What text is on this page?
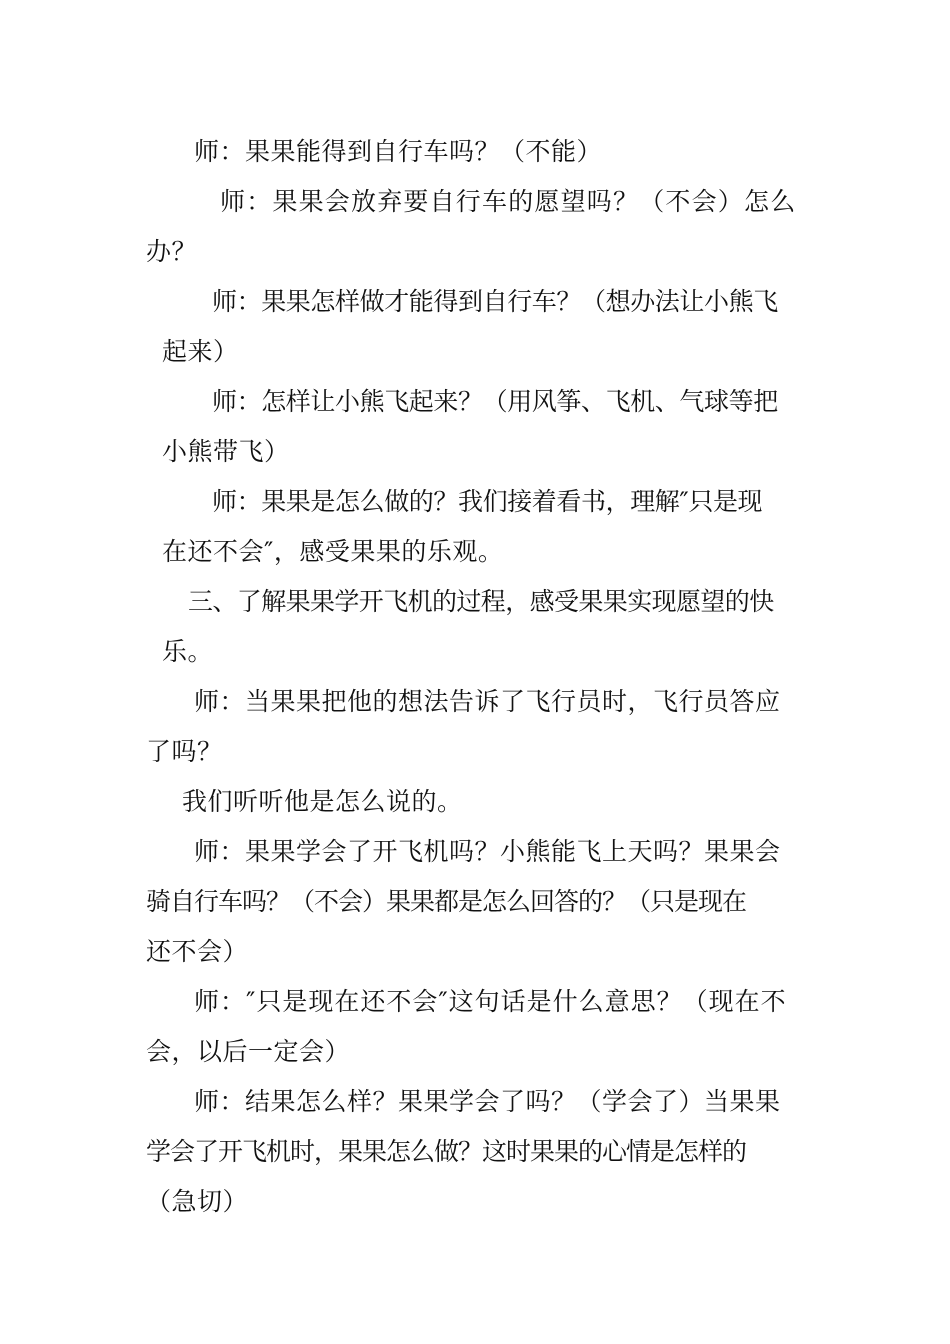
师：果果能得到自行车吗？（不能）
师：果果会放弃要自行车的愿望吗？（不会）怎么
办？
师：果果怎样做才能得到自行车？（想办法让小熊飞
起来）
师：怎样让小熊飞起来？（用风筝、飞机、气球等把
小熊带飞）
师：果果是怎么做的？我们接着看书，理解″只是现
在还不会″，感受果果的乐观。
三、了解果果学开飞机的过程，感受果果实现愿望的快
乐。
师：当果果把他的想法告诉了飞行员时，飞行员答应
了吗？
我们听听他是怎么说的。
师：果果学会了开飞机吗？小熊能飞上天吗？果果会
骑自行车吗？（不会）果果都是怎么回答的？（只是现在
还不会）
师：″只是现在还不会″这句话是什么意思？（现在不
会，以后一定会）
师：结果怎么样？果果学会了吗？（学会了）当果果
学会了开飞机时，果果怎么做？这时果果的心情是怎样的
（急切）
